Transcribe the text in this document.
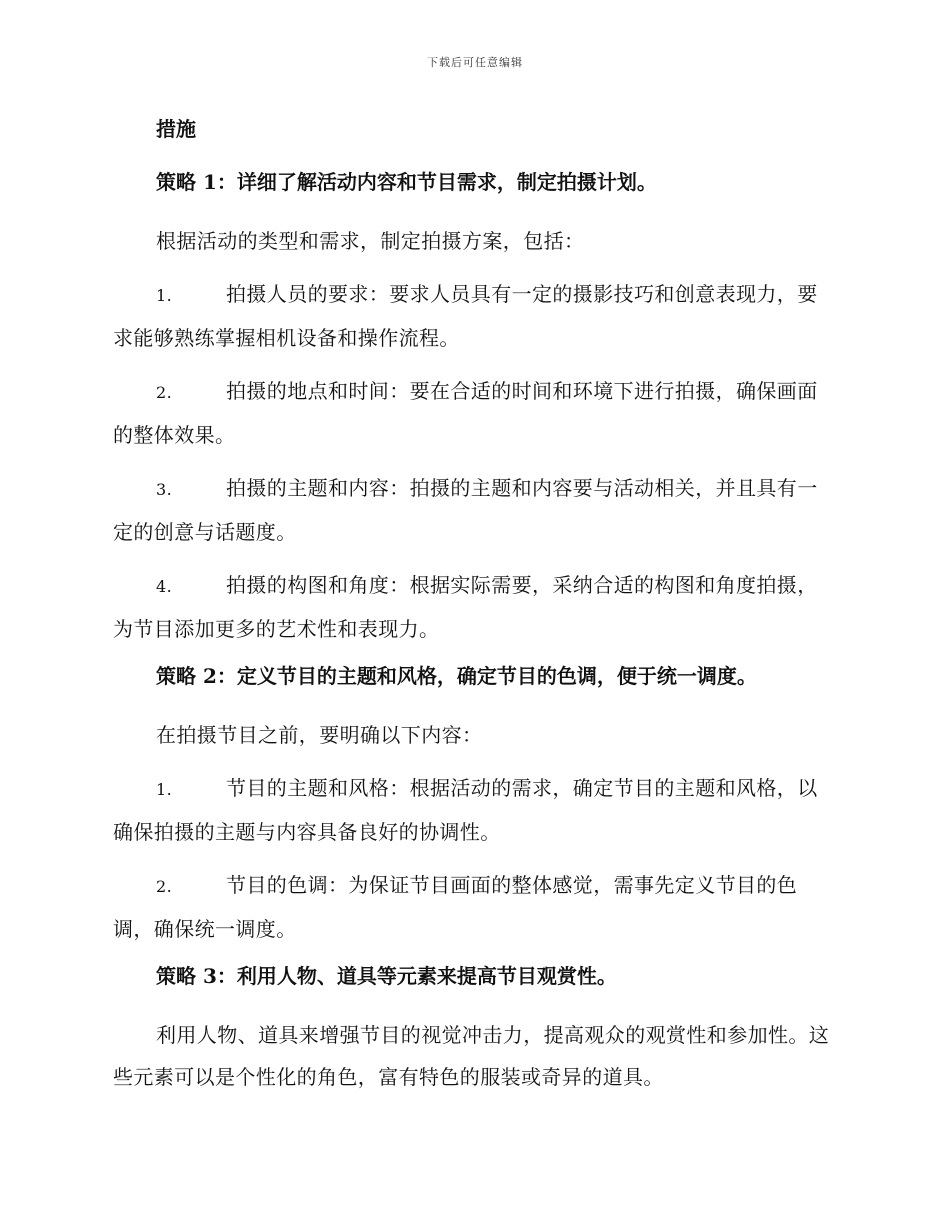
下载后可任意编辑
措施
策略 1：详细了解活动内容和节目需求，制定拍摄计划。
根据活动的类型和需求，制定拍摄方案，包括：
1.	拍摄人员的要求：要求人员具有一定的摄影技巧和创意表现力，要求能够熟练掌握相机设备和操作流程。
2.	拍摄的地点和时间：要在合适的时间和环境下进行拍摄，确保画面的整体效果。
3.	拍摄的主题和内容：拍摄的主题和内容要与活动相关，并且具有一定的创意与话题度。
4.	拍摄的构图和角度：根据实际需要，采纳合适的构图和角度拍摄，为节目添加更多的艺术性和表现力。
策略 2：定义节目的主题和风格，确定节目的色调，便于统一调度。
在拍摄节目之前，要明确以下内容：
1.	节目的主题和风格：根据活动的需求，确定节目的主题和风格，以确保拍摄的主题与内容具备良好的协调性。
2.	节目的色调：为保证节目画面的整体感觉，需事先定义节目的色调，确保统一调度。
策略 3：利用人物、道具等元素来提高节目观赏性。
利用人物、道具来增强节目的视觉冲击力，提高观众的观赏性和参加性。这些元素可以是个性化的角色，富有特色的服装或奇异的道具。
